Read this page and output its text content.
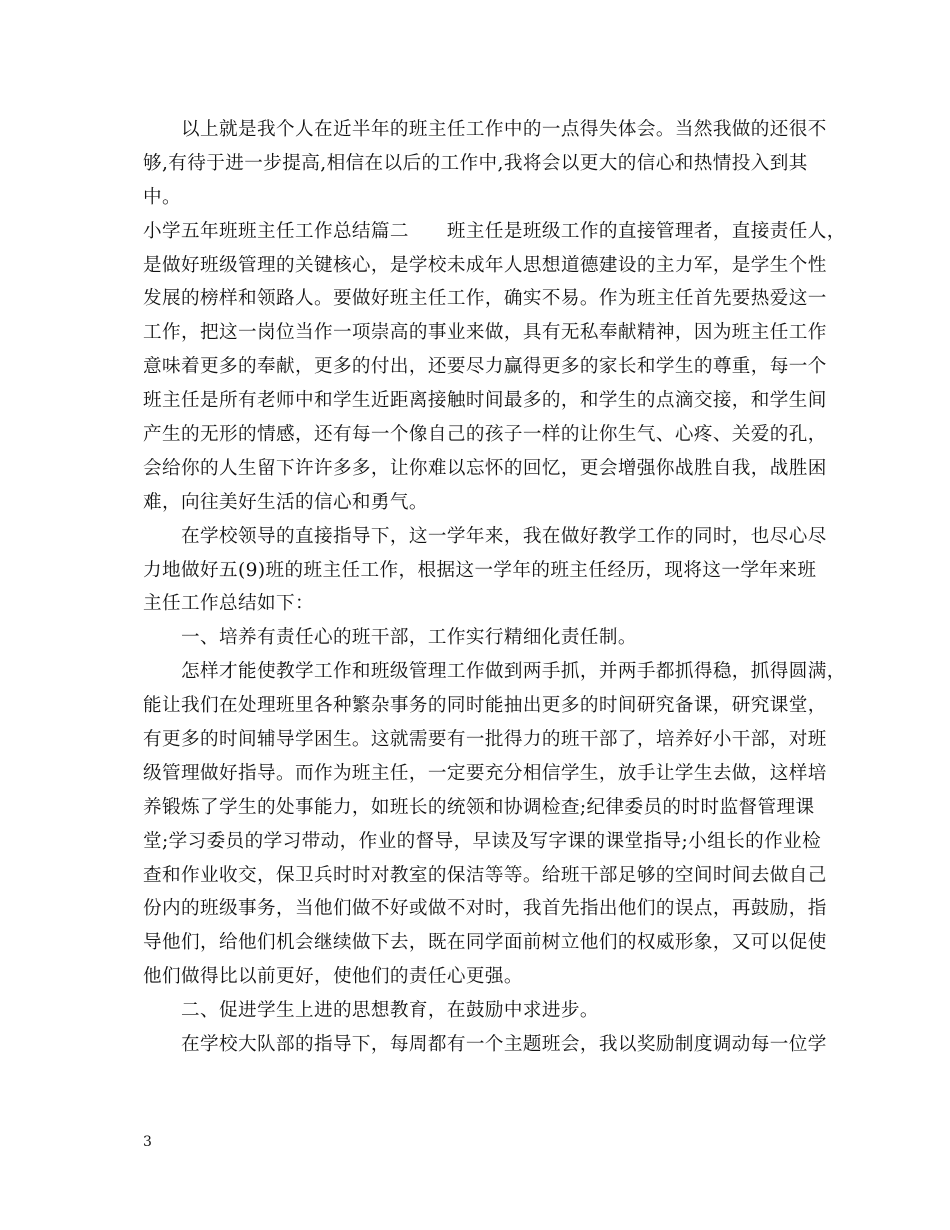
　　以上就是我个人在近半年的班主任工作中的一点得失体会。当然我做的还很不
够,有待于进一步提高,相信在以后的工作中,我将会以更大的信心和热情投入到其
中。
小学五年班班主任工作总结篇二　　班主任是班级工作的直接管理者，直接责任人，
是做好班级管理的关键核心，是学校未成年人思想道德建设的主力军，是学生个性
发展的榜样和领路人。要做好班主任工作，确实不易。作为班主任首先要热爱这一
工作，把这一岗位当作一项崇高的事业来做，具有无私奉献精神，因为班主任工作
意味着更多的奉献，更多的付出，还要尽力赢得更多的家长和学生的尊重，每一个
班主任是所有老师中和学生近距离接触时间最多的，和学生的点滴交接，和学生间
产生的无形的情感，还有每一个像自己的孩子一样的让你生气、心疼、关爱的孔，
会给你的人生留下许许多多，让你难以忘怀的回忆，更会增强你战胜自我，战胜困
难，向往美好生活的信心和勇气。
　　在学校领导的直接指导下，这一学年来，我在做好教学工作的同时，也尽心尽
力地做好五(9)班的班主任工作，根据这一学年的班主任经历，现将这一学年来班
主任工作总结如下：
　　一、培养有责任心的班干部，工作实行精细化责任制。
　　怎样才能使教学工作和班级管理工作做到两手抓，并两手都抓得稳，抓得圆满，
能让我们在处理班里各种繁杂事务的同时能抽出更多的时间研究备课，研究课堂，
有更多的时间辅导学困生。这就需要有一批得力的班干部了，培养好小干部，对班
级管理做好指导。而作为班主任，一定要充分相信学生，放手让学生去做，这样培
养锻炼了学生的处事能力，如班长的统领和协调检查;纪律委员的时时监督管理课
堂;学习委员的学习带动，作业的督导，早读及写字课的课堂指导;小组长的作业检
查和作业收交，保卫兵时时对教室的保洁等等。给班干部足够的空间时间去做自己
份内的班级事务，当他们做不好或做不对时，我首先指出他们的误点，再鼓励，指
导他们，给他们机会继续做下去，既在同学面前树立他们的权威形象，又可以促使
他们做得比以前更好，使他们的责任心更强。
　　二、促进学生上进的思想教育，在鼓励中求进步。
　　在学校大队部的指导下，每周都有一个主题班会，我以奖励制度调动每一位学
3
